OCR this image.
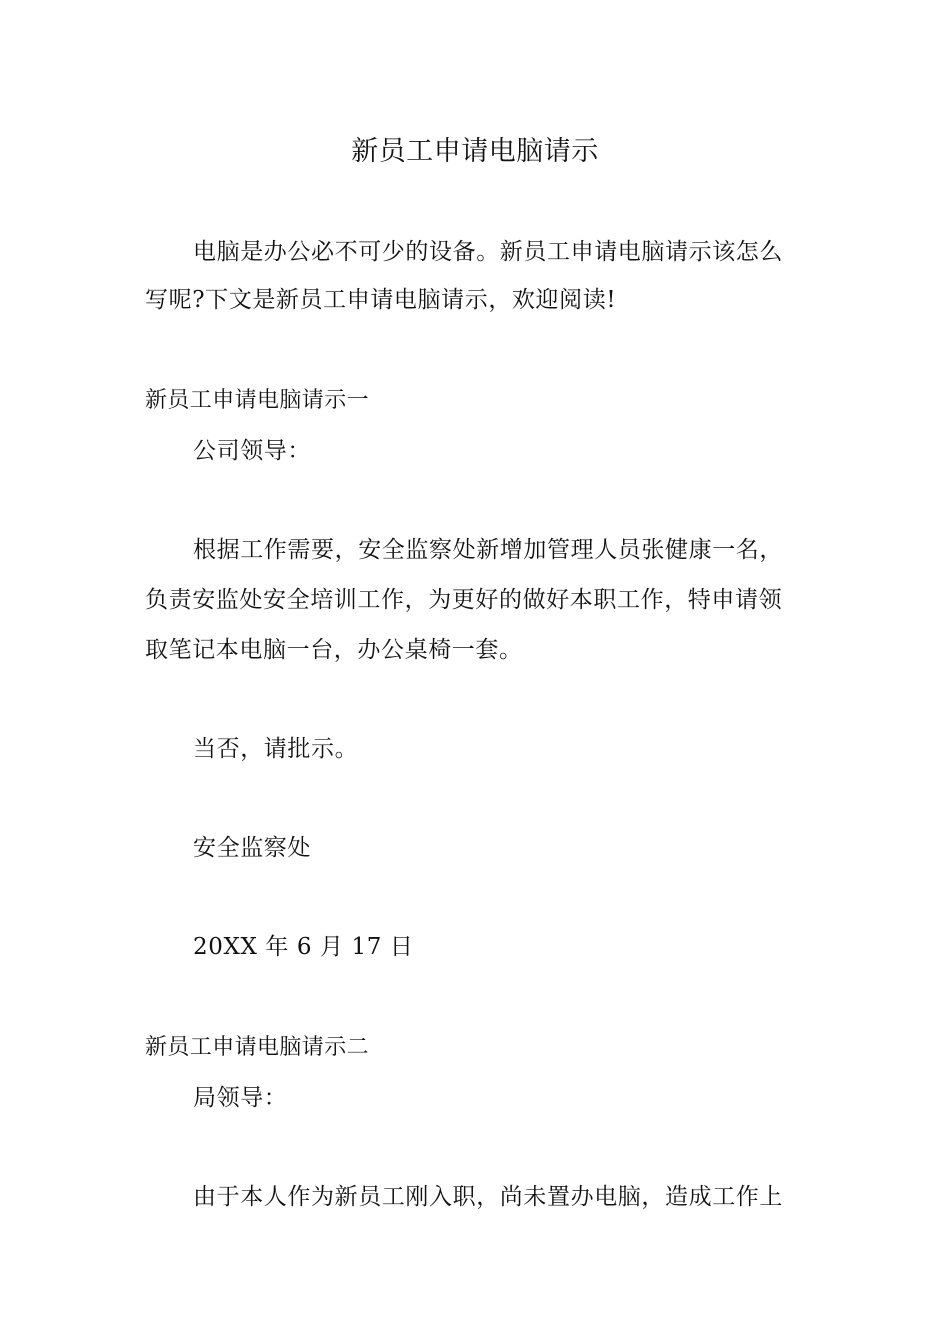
新员工申请电脑请示

电脑是办公必不可少的设备。新员工申请电脑请示该怎么

写呢?下文是新员工申请电脑请示，欢迎阅读!

新员工申请电脑请示一

公司领导：

根据工作需要，安全监察处新增加管理人员张健康一名，

负责安监处安全培训工作，为更好的做好本职工作，特申请领

取笔记本电脑一台，办公桌椅一套。

当否，请批示。

安全监察处

20XX 年 6 月 17 日

新员工申请电脑请示二

局领导：

由于本人作为新员工刚入职，尚未置办电脑，造成工作上
